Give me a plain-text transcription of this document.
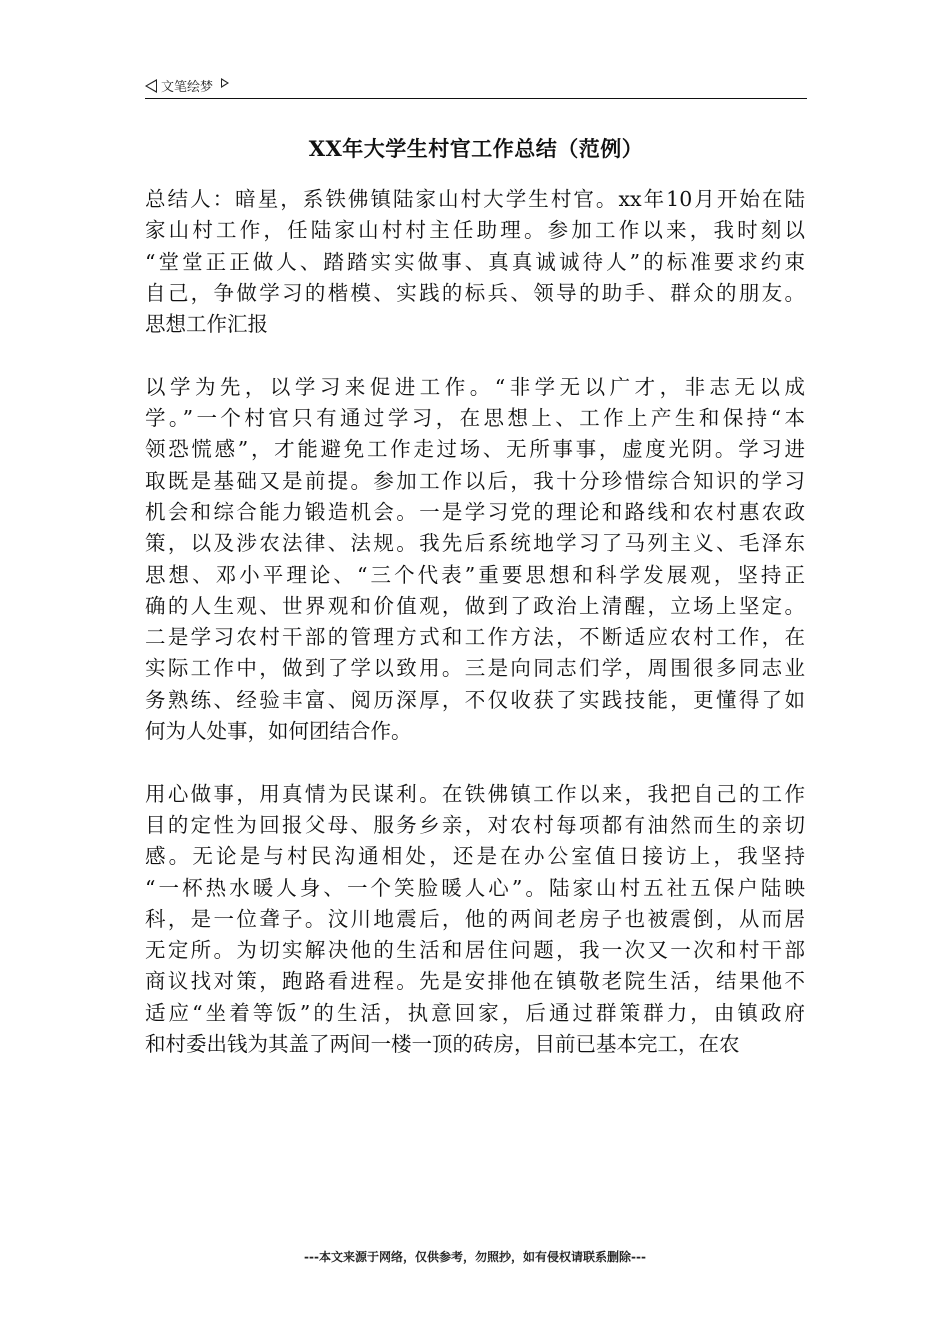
文笔绘梦
XX年大学生村官工作总结（范例）
总结人：暗星，系铁佛镇陆家山村大学生村官。xx年10月开始在陆
家山村工作，任陆家山村村主任助理。参加工作以来，我时刻以
“堂堂正正做人、踏踏实实做事、真真诚诚待人”的标准要求约束
自己，争做学习的楷模、实践的标兵、领导的助手、群众的朋友。
思想工作汇报
以学为先，以学习来促进工作。“非学无以广才，非志无以成
学。”一个村官只有通过学习，在思想上、工作上产生和保持“本
领恐慌感”，才能避免工作走过场、无所事事，虚度光阴。学习进
取既是基础又是前提。参加工作以后，我十分珍惜综合知识的学习
机会和综合能力锻造机会。一是学习党的理论和路线和农村惠农政
策，以及涉农法律、法规。我先后系统地学习了马列主义、毛泽东
思想、邓小平理论、“三个代表”重要思想和科学发展观，坚持正
确的人生观、世界观和价值观，做到了政治上清醒，立场上坚定。
二是学习农村干部的管理方式和工作方法，不断适应农村工作，在
实际工作中，做到了学以致用。三是向同志们学，周围很多同志业
务熟练、经验丰富、阅历深厚，不仅收获了实践技能，更懂得了如
何为人处事，如何团结合作。
用心做事，用真情为民谋利。在铁佛镇工作以来，我把自己的工作
目的定性为回报父母、服务乡亲，对农村每项都有油然而生的亲切
感。无论是与村民沟通相处，还是在办公室值日接访上，我坚持
“一杯热水暖人身、一个笑脸暖人心”。陆家山村五社五保户陆映
科，是一位聋子。汶川地震后，他的两间老房子也被震倒，从而居
无定所。为切实解决他的生活和居住问题，我一次又一次和村干部
商议找对策，跑路看进程。先是安排他在镇敬老院生活，结果他不
适应“坐着等饭”的生活，执意回家，后通过群策群力，由镇政府
和村委出钱为其盖了两间一楼一顶的砖房，目前已基本完工，在农
---本文来源于网络，仅供参考，勿照抄，如有侵权请联系删除---
